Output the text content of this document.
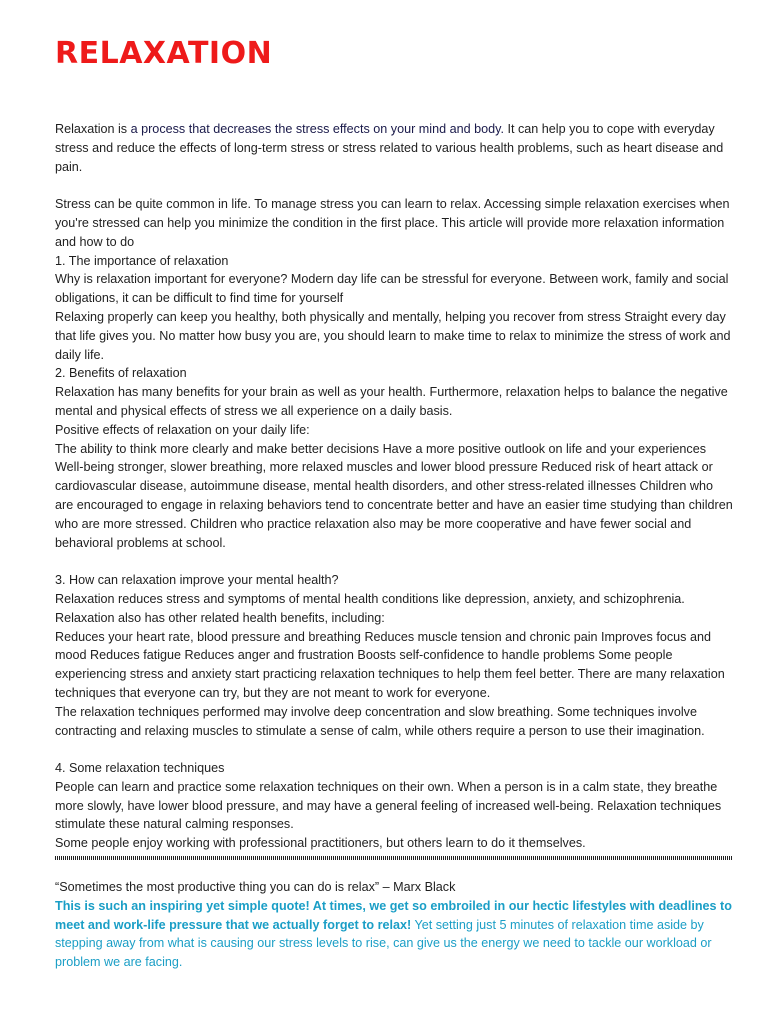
RELAXATION

Relaxation is a process that decreases the stress effects on your mind and body. It can help you to cope with everyday stress and reduce the effects of long-term stress or stress related to various health problems, such as heart disease and pain.

Stress can be quite common in life. To manage stress you can learn to relax. Accessing simple relaxation exercises when you're stressed can help you minimize the condition in the first place. This article will provide more relaxation information and how to do

1. The importance of relaxation

Why is relaxation important for everyone? Modern day life can be stressful for everyone. Between work, family and social obligations, it can be difficult to find time for yourself

Relaxing properly can keep you healthy, both physically and mentally, helping you recover from stress Straight every day that life gives you. No matter how busy you are, you should learn to make time to relax to minimize the stress of work and daily life.

2. Benefits of relaxation

Relaxation has many benefits for your brain as well as your health. Furthermore, relaxation helps to balance the negative mental and physical effects of stress we all experience on a daily basis.

Positive effects of relaxation on your daily life:

The ability to think more clearly and make better decisions Have a more positive outlook on life and your experiences Well-being stronger, slower breathing, more relaxed muscles and lower blood pressure Reduced risk of heart attack or cardiovascular disease, autoimmune disease, mental health disorders, and other stress-related illnesses Children who are encouraged to engage in relaxing behaviors tend to concentrate better and have an easier time studying than children who are more stressed. Children who practice relaxation also may be more cooperative and have fewer social and behavioral problems at school.

3. How can relaxation improve your mental health?

Relaxation reduces stress and symptoms of mental health conditions like depression, anxiety, and schizophrenia.

Relaxation also has other related health benefits, including:

Reduces your heart rate, blood pressure and breathing Reduces muscle tension and chronic pain Improves focus and mood Reduces fatigue Reduces anger and frustration Boosts self-confidence to handle problems Some people experiencing stress and anxiety start practicing relaxation techniques to help them feel better. There are many relaxation techniques that everyone can try, but they are not meant to work for everyone.

The relaxation techniques performed may involve deep concentration and slow breathing. Some techniques involve contracting and relaxing muscles to stimulate a sense of calm, while others require a person to use their imagination.

4. Some relaxation techniques

People can learn and practice some relaxation techniques on their own. When a person is in a calm state, they breathe more slowly, have lower blood pressure, and may have a general feeling of increased well-being. Relaxation techniques stimulate these natural calming responses.

Some people enjoy working with professional practitioners, but others learn to do it themselves.

“Sometimes the most productive thing you can do is relax” – Marx Black

This is such an inspiring yet simple quote! At times, we get so embroiled in our hectic lifestyles with deadlines to meet and work-life pressure that we actually forget to relax! Yet setting just 5 minutes of relaxation time aside by stepping away from what is causing our stress levels to rise, can give us the energy we need to tackle our workload or problem we are facing.
